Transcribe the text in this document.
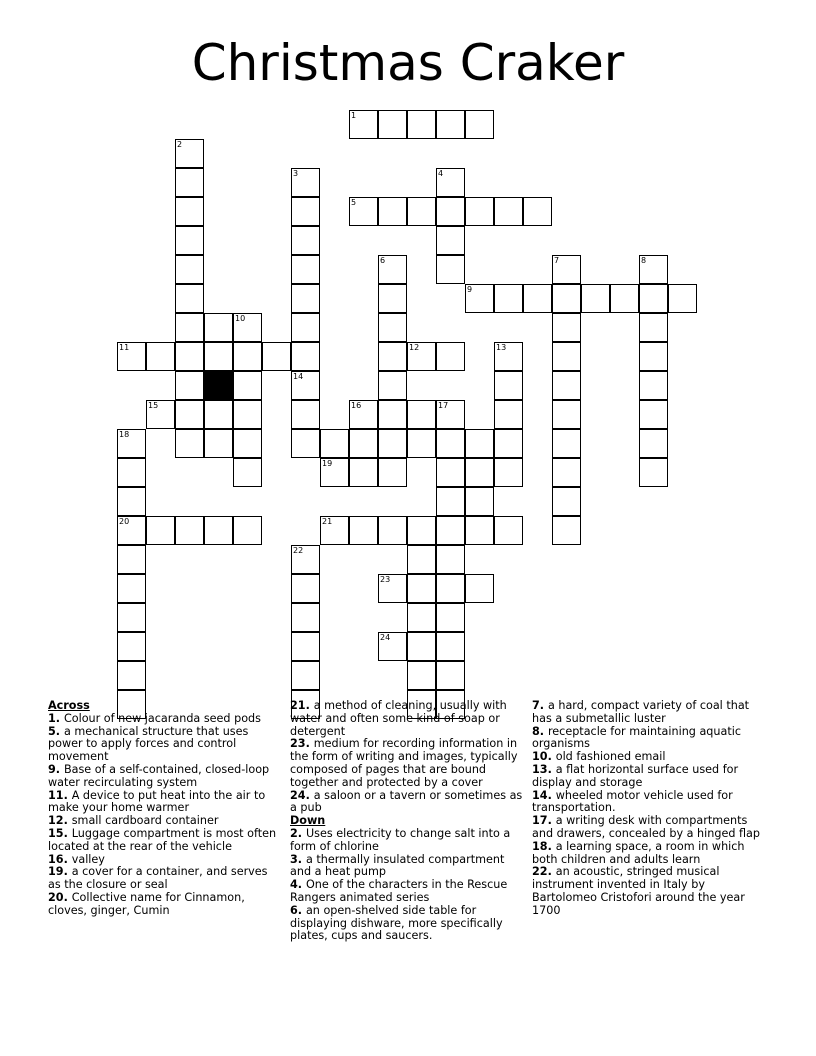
Christmas Craker
1
2
3	4
5
6	7	8
9
10
11	12	13
14
15	16	17
18
20
19
21
22
23
24
Across
1. Colour of new jacaranda seed pods
5. a mechanical structure that uses power to apply forces and control movement
9. Base of a self-contained, closed-loop water recirculating system
11. A device to put heat into the air to make your home warmer
12. small cardboard container
15. Luggage compartment is most often located at the rear of the vehicle
16. valley
19. a cover for a container, and serves as the closure or seal
20. Collective name for Cinnamon, cloves, ginger, Cumin
21. a method of cleaning, usually with water and often some kind of soap or detergent
23. medium for recording information in the form of writing and images, typically composed of pages that are bound together and protected by a cover
24. a saloon or a tavern or sometimes as a pub
Down
2. Uses electricity to change salt into a form of chlorine
3. a thermally insulated compartment and a heat pump
4. One of the characters in the Rescue Rangers animated series
6. an open-shelved side table for displaying dishware, more specifically plates, cups and saucers.
7. a hard, compact variety of coal that has a submetallic luster
8. receptacle for maintaining aquatic organisms
10. old fashioned email
13. a flat horizontal surface used for display and storage
14. wheeled motor vehicle used for transportation.
17. a writing desk with compartments and drawers, concealed by a hinged flap
18. a learning space, a room in which both children and adults learn
22. an acoustic, stringed musical instrument invented in Italy by Bartolomeo Cristofori around the year 1700
